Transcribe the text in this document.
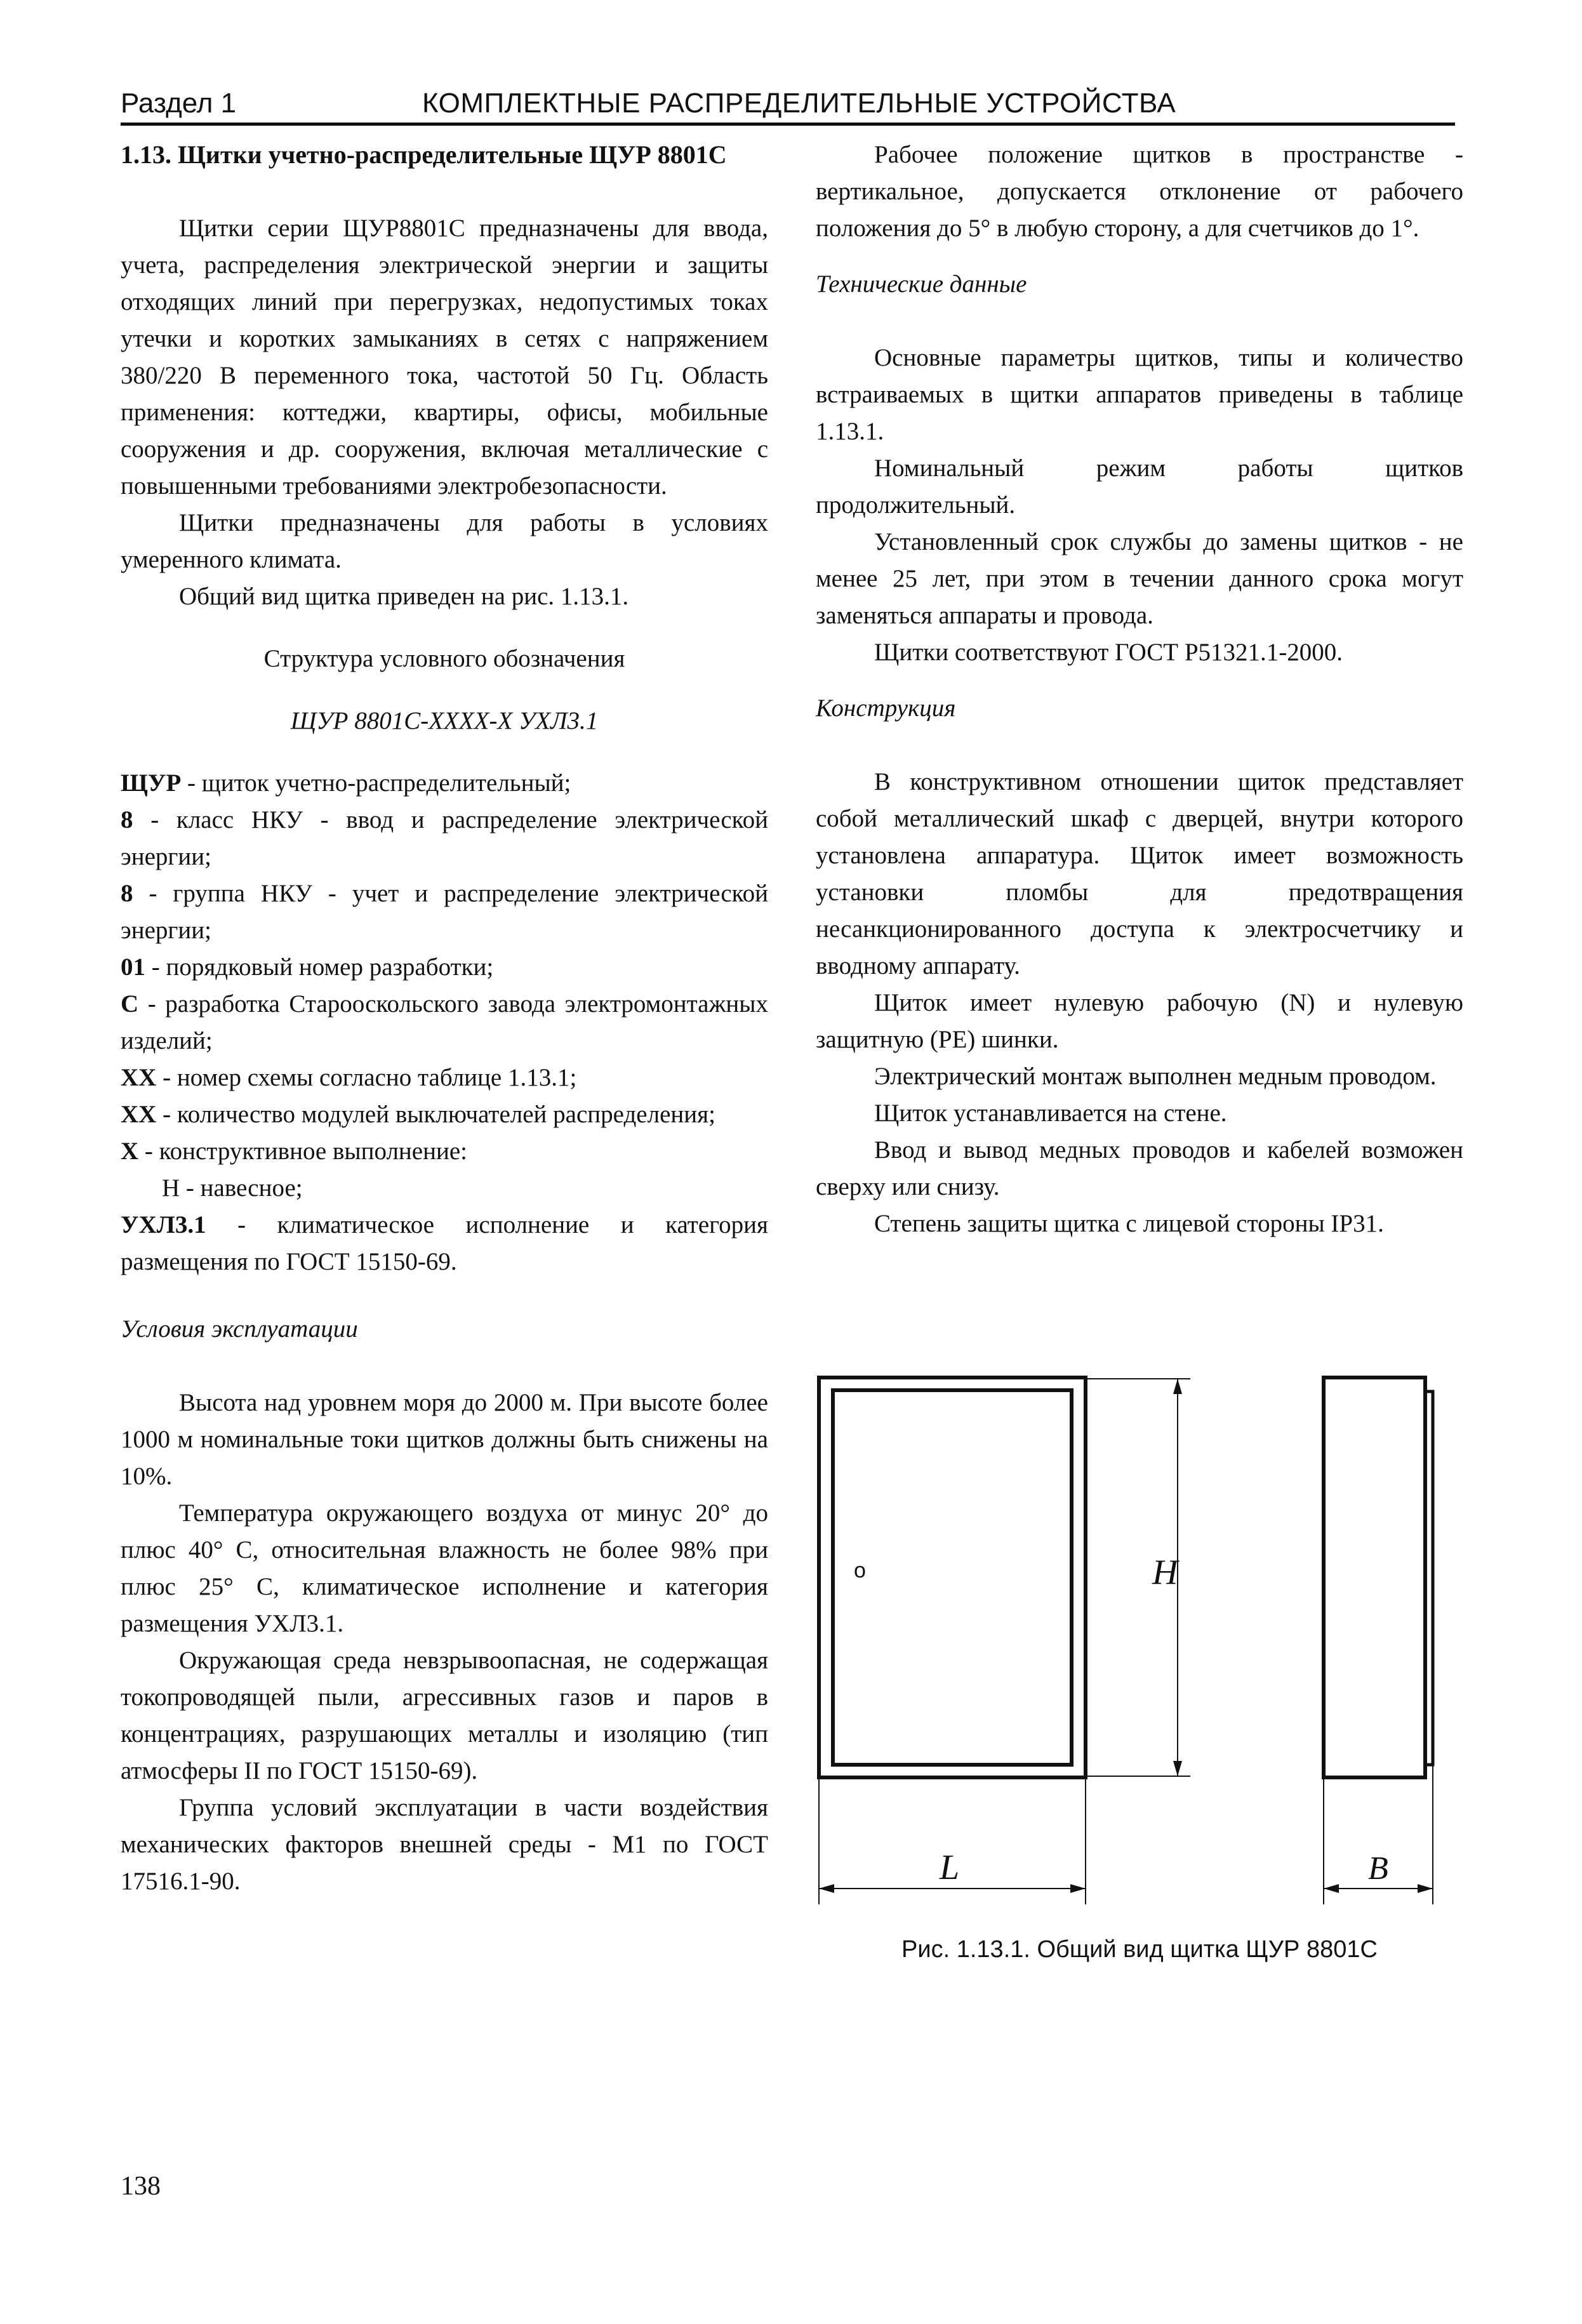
Раздел 1	КОМПЛЕКТНЫЕ РАСПРЕДЕЛИТЕЛЬНЫЕ УСТРОЙСТВА

1.13. Щитки учетно-распределительные ЩУР 8801С

Щитки серии ЩУР8801С предназначены для ввода, учета, распределения электрической энергии и защиты отходящих линий при перегрузках, недопустимых токах утечки и коротких замыканиях в сетях с напряжением 380/220 В переменного тока, частотой 50 Гц. Область применения: коттеджи, квартиры, офисы, мобильные сооружения и др. сооружения, включая металлические с повышенными требованиями электробезопасности.

Щитки предназначены для работы в условиях умеренного климата.

Общий вид щитка приведен на рис. 1.13.1.

Структура условного обозначения

ЩУР 8801С-ХХХХ-Х УХЛ3.1

ЩУР - щиток учетно-распределительный;

8 - класс НКУ - ввод и распределение электрической энергии;

8 - группа НКУ - учет и распределение электрической энергии;

01 - порядковый номер разработки;

С - разработка Старооскольского завода электромонтажных изделий;

ХХ - номер схемы согласно таблице 1.13.1;

ХХ - количество модулей выключателей распределения;

Х - конструктивное выполнение:

Н - навесное;

УХЛ3.1 - климатическое исполнение и категория размещения по ГОСТ 15150-69.

Условия эксплуатации

Высота над уровнем моря до 2000 м. При высоте более 1000 м номинальные токи щитков должны быть снижены на 10%.

Температура окружающего воздуха от минус 20° до плюс 40° С, относительная влажность не более 98% при плюс 25° С, климатическое исполнение и категория размещения УХЛ3.1.

Окружающая среда невзрывоопасная, не содержащая токопроводящей пыли, агрессивных газов и паров в концентрациях, разрушающих металлы и изоляцию (тип атмосферы II по ГОСТ 15150-69).

Группа условий эксплуатации в части воздействия механических факторов внешней среды - М1 по ГОСТ 17516.1-90.

Рабочее положение щитков в пространстве - вертикальное, допускается отклонение от рабочего положения до 5° в любую сторону, а для счетчиков до 1°.

Технические данные

Основные параметры щитков, типы и количество встраиваемых в щитки аппаратов приведены в таблице 1.13.1.

Номинальный режим работы щитков продолжительный.

Установленный срок службы до замены щитков - не менее 25 лет, при этом в течении данного срока могут заменяться аппараты и провода.

Щитки соответствуют ГОСТ Р51321.1-2000.

Конструкция

В конструктивном отношении щиток представляет собой металлический шкаф с дверцей, внутри которого установлена аппаратура. Щиток имеет возможность установки пломбы для предотвращения несанкционированного доступа к электросчетчику и вводному аппарату.

Щиток имеет нулевую рабочую (N) и нулевую защитную (РЕ) шинки.

Электрический монтаж выполнен медным проводом.

Щиток устанавливается на стене.

Ввод и вывод медных проводов и кабелей возможен сверху или снизу.

Степень защиты щитка с лицевой стороны IP31.

o	H
L	B
Рис. 1.13.1. Общий вид щитка ЩУР 8801С
138
